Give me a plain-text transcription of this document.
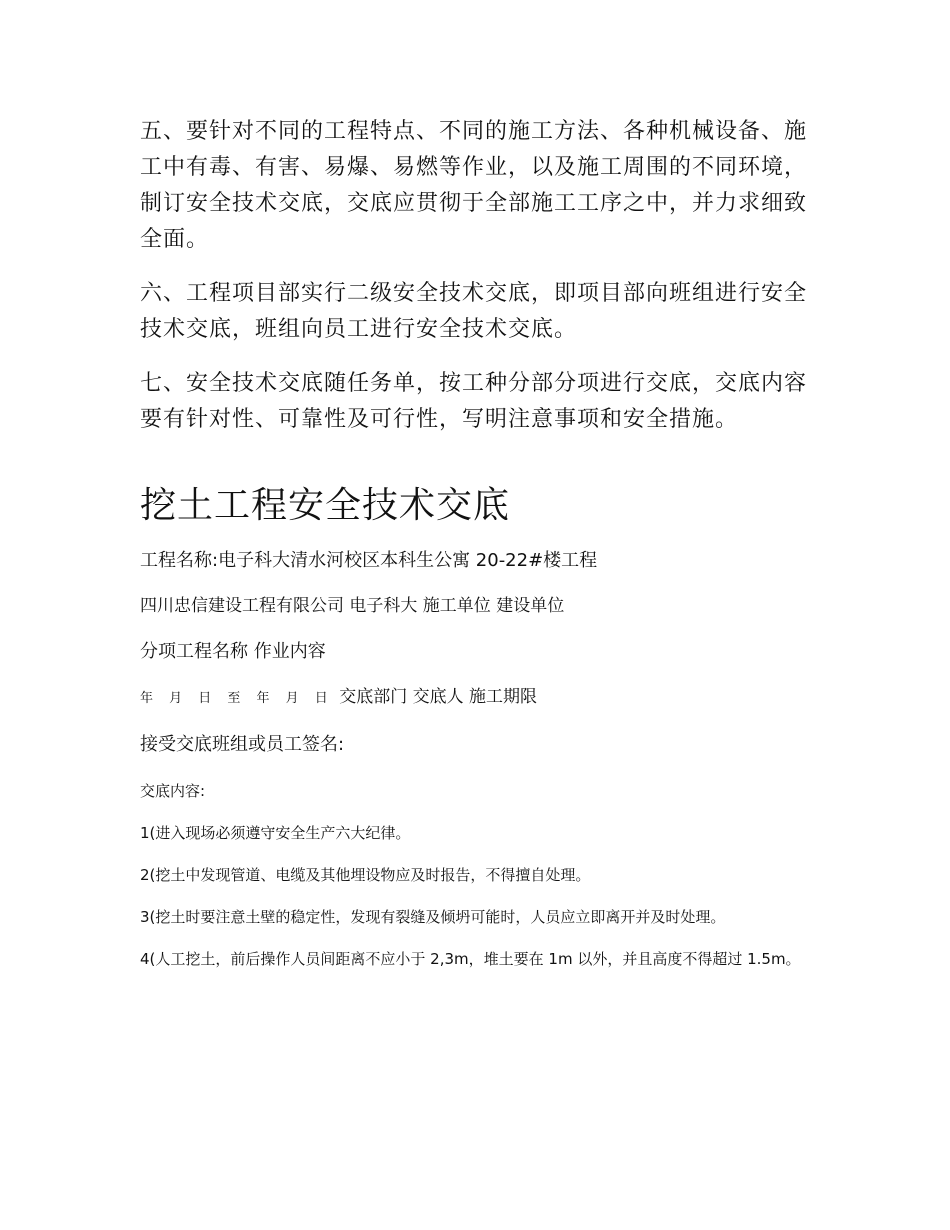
五、要针对不同的工程特点、不同的施工方法、各种机械设备、施工中有毒、有害、易爆、易燃等作业，以及施工周围的不同环境，制订安全技术交底，交底应贯彻于全部施工工序之中，并力求细致全面。

六、工程项目部实行二级安全技术交底，即项目部向班组进行安全技术交底，班组向员工进行安全技术交底。

七、安全技术交底随任务单，按工种分部分项进行交底，交底内容要有针对性、可靠性及可行性，写明注意事项和安全措施。

挖土工程安全技术交底

工程名称:电子科大清水河校区本科生公寓 20-22#楼工程

四川忠信建设工程有限公司 电子科大 施工单位 建设单位

分项工程名称 作业内容

年 月 日 至 年 月 日 交底部门 交底人 施工期限

接受交底班组或员工签名:

交底内容:

1(进入现场必须遵守安全生产六大纪律。

2(挖土中发现管道、电缆及其他埋设物应及时报告，不得擅自处理。

3(挖土时要注意土壁的稳定性，发现有裂缝及倾坍可能时，人员应立即离开并及时处理。

4(人工挖土，前后操作人员间距离不应小于 2,3m，堆土要在 1m 以外，并且高度不得超过 1.5m。
